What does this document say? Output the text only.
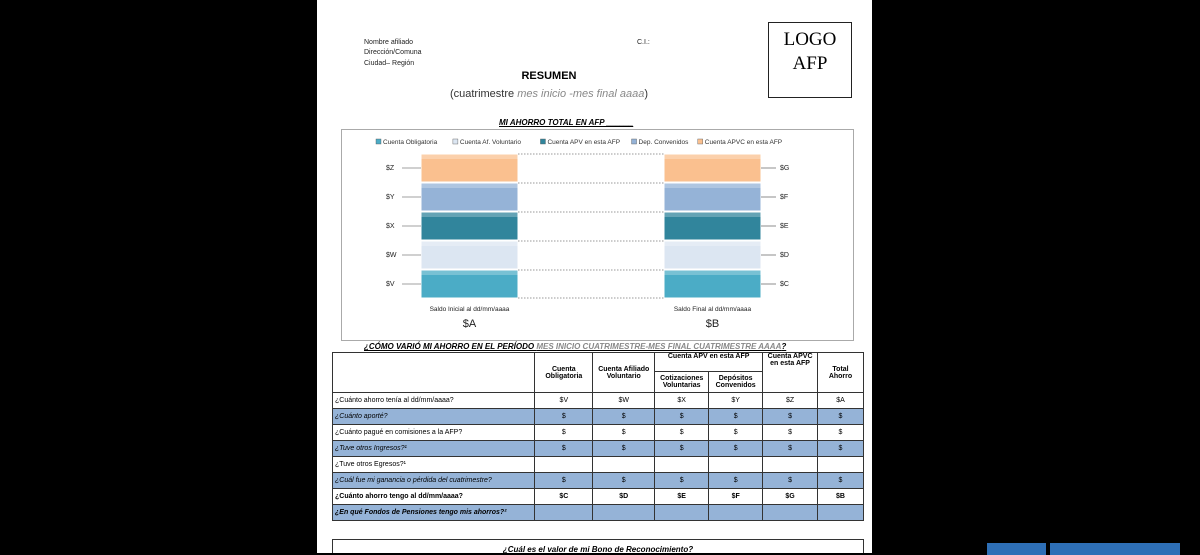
Nombre afiliado
Dirección/Comuna
Ciudad– Región
C.I.:	LOGO
AFP
RESUMEN
(cuatrimestre mes inicio -mes final aaaa)
MI AHORRO TOTAL EN AFP ______
Cuenta Obligatoria	Cuenta Af. Voluntario	Cuenta APV en esta AFP	Dep. Convenidos	Cuenta APVC en esta AFP
$V	$C
$W	$D
$X	$E
$Y	$F
$Z	$G
Saldo Inicial al dd/mm/aaaa
$A
Saldo Final al dd/mm/aaaa
$B
¿CÓMO VARIÓ MI AHORRO EN EL PERÍODO MES INICIO CUATRIMESTRE-MES FINAL CUATRIMESTRE AAAA?
	Cuenta Obligatoria	Cuenta Afiliado Voluntario	Cuenta APV en esta AFP		Cuenta APVC en esta AFP	Total Ahorro
			Cotizaciones Voluntarias	Depósitos Convenidos		
¿Cuánto ahorro tenía al dd/mm/aaaa?	$V	$W	$X	$Y	$Z	$A
¿Cuánto aporté?	$	$	$	$	$	$
¿Cuánto pagué en comisiones a la AFP?	$	$	$	$	$	$
¿Tuve otros Ingresos?¹	$	$	$	$	$	$
¿Tuve otros Egresos?¹						
¿Cuál fue mi ganancia o pérdida del cuatrimestre?	$	$	$	$	$	$
¿Cuánto ahorro tengo al dd/mm/aaaa?	$C	$D	$E	$F	$G	$B
¿En qué Fondos de Pensiones tengo mis ahorros?²						
¿Cuál es el valor de mi Bono de Reconocimiento?
